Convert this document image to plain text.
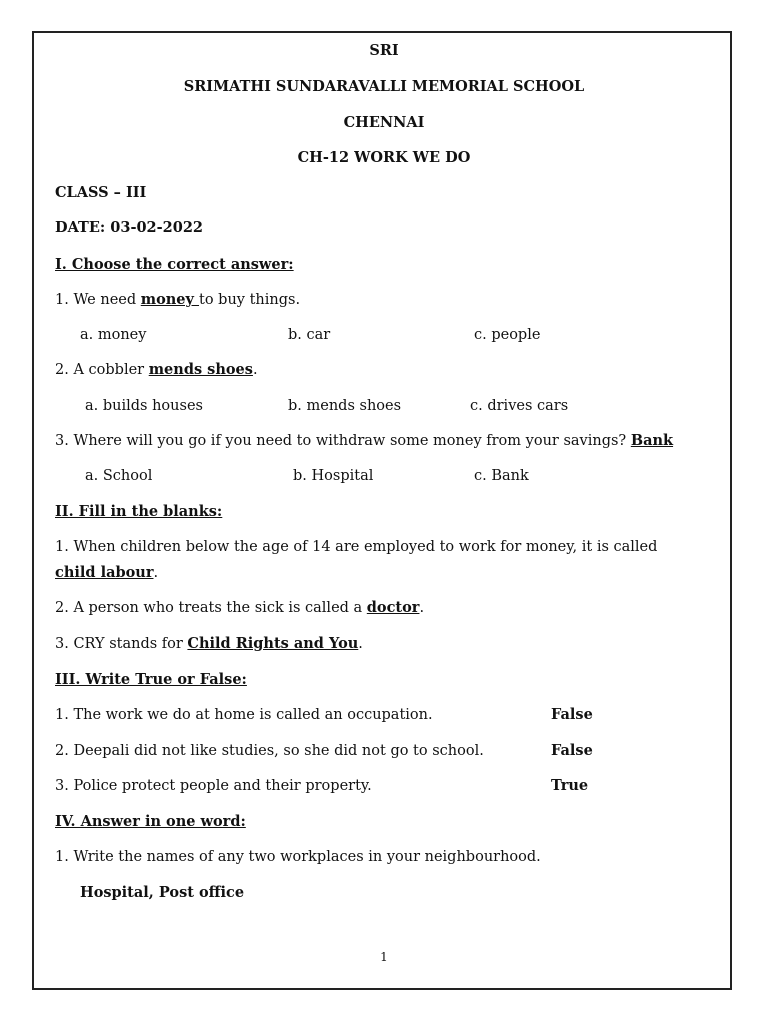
SRI
SRIMATHI SUNDARAVALLI MEMORIAL SCHOOL
CHENNAI
CH-12 WORK WE DO
CLASS – III
DATE: 03-02-2022
I. Choose the correct answer:
1. We need money to buy things.
a. money	b. car	c. people
2. A cobbler mends shoes.
a. builds houses	b. mends shoes	c. drives cars
3. Where will you go if you need to withdraw some money from your savings? Bank
a. School	b. Hospital	c. Bank
II. Fill in the blanks:
1. When children below the age of 14 are employed to work for money, it is called
child labour.
2. A person who treats the sick is called a doctor.
3. CRY stands for Child Rights and You.
III. Write True or False:
1. The work we do at home is called an occupation.	False
2. Deepali did not like studies, so she did not go to school.	False
3. Police protect people and their property.	True
IV. Answer in one word:
1. Write the names of any two workplaces in your neighbourhood.
Hospital, Post office
1
